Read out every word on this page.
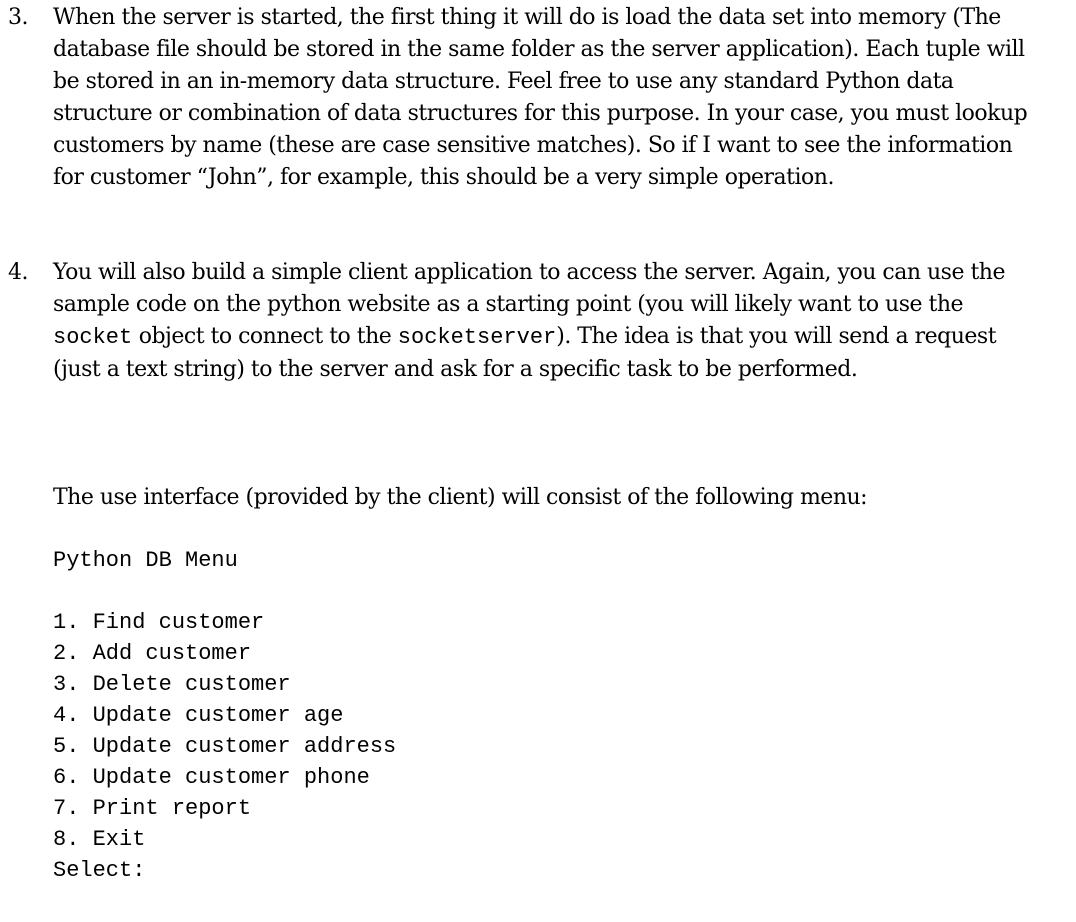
3. When the server is started, the first thing it will do is load the data set into memory (The
database file should be stored in the same folder as the server application). Each tuple will
be stored in an in-memory data structure. Feel free to use any standard Python data
structure or combination of data structures for this purpose. In your case, you must lookup
customers by name (these are case sensitive matches). So if I want to see the information
for customer “John”, for example, this should be a very simple operation.
4. You will also build a simple client application to access the server. Again, you can use the
sample code on the python website as a starting point (you will likely want to use the
socket object to connect to the socketserver). The idea is that you will send a request
(just a text string) to the server and ask for a specific task to be performed.
The use interface (provided by the client) will consist of the following menu:
Python DB Menu
1. Find customer
2. Add customer
3. Delete customer
4. Update customer age
5. Update customer address
6. Update customer phone
7. Print report
8. Exit
Select:
